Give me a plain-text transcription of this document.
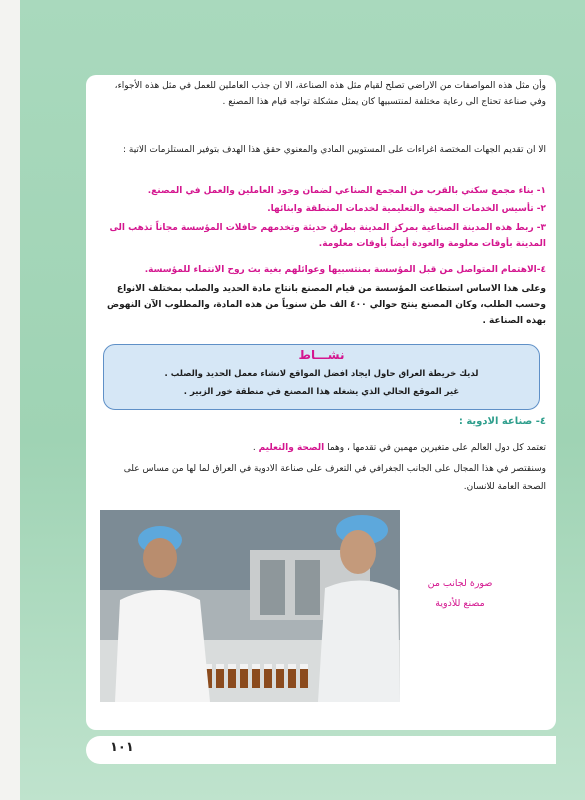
وأن مثل هذه المواصفات من الاراضي تصلح لقيام مثل هذه الصناعة، الا ان جذب العاملين للعمل في مثل هذه الأجواء، وفي صناعة تحتاج الى رعاية مختلفة لمنتسبيها كان يمثل مشكلة تواجه قيام هذا المصنع .

الا ان تقديم الجهات المختصة اغراءات على المستويين المادي والمعنوي حقق هذا الهدف بتوفير المستلزمات الاتية :

١- بناء مجمع سكني بالقرب من المجمع الصناعي لضمان وجود العاملين والعمل في المصنع.

٢- تأسيس الخدمات الصحية والتعليمية لخدمات المنطقة وابنائها.

٣- ربط هذه المدينة الصناعية بمركز المدينة بطرق حديثة وتخدمهم حافلات المؤسسة مجاناً تذهب الى المدينة بأوقات معلومة والعودة أيضاً بأوقات معلومة.

٤-الاهتمام المتواصل من قبل المؤسسة بمنتسبيها وعوائلهم بغية بث روح الانتماء للمؤسسة.

وعلى هذا الاساس استطاعت المؤسسة من قيام المصنع بانتاج مادة الحديد والصلب بمختلف الانواع وحسب الطلب، وكان المصنع ينتج حوالي ٤٠٠ الف طن سنوياً من هذه المادة، والمطلوب الآن النهوض بهذه الصناعة .

نشـــاط
لديك خريطة العراق حاول ايجاد افضل المواقع لانشاء معمل الحديد والصلب .
غير الموقع الحالي الذي يشغله هذا المصنع في منطقة خور الزبير .
٤- صناعة الادوية :

تعتمد كل دول العالم على متغيرين مهمين في تقدمها ، وهما الصحة والتعليم .

وسنقتصر في هذا المجال على الجانب الجغرافي في التعرف على صناعة الادوية في العراق لما لها من مساس على الصحة العامة للانسان.

صورة لجانب من
مصنع للأدوية
١٠١
